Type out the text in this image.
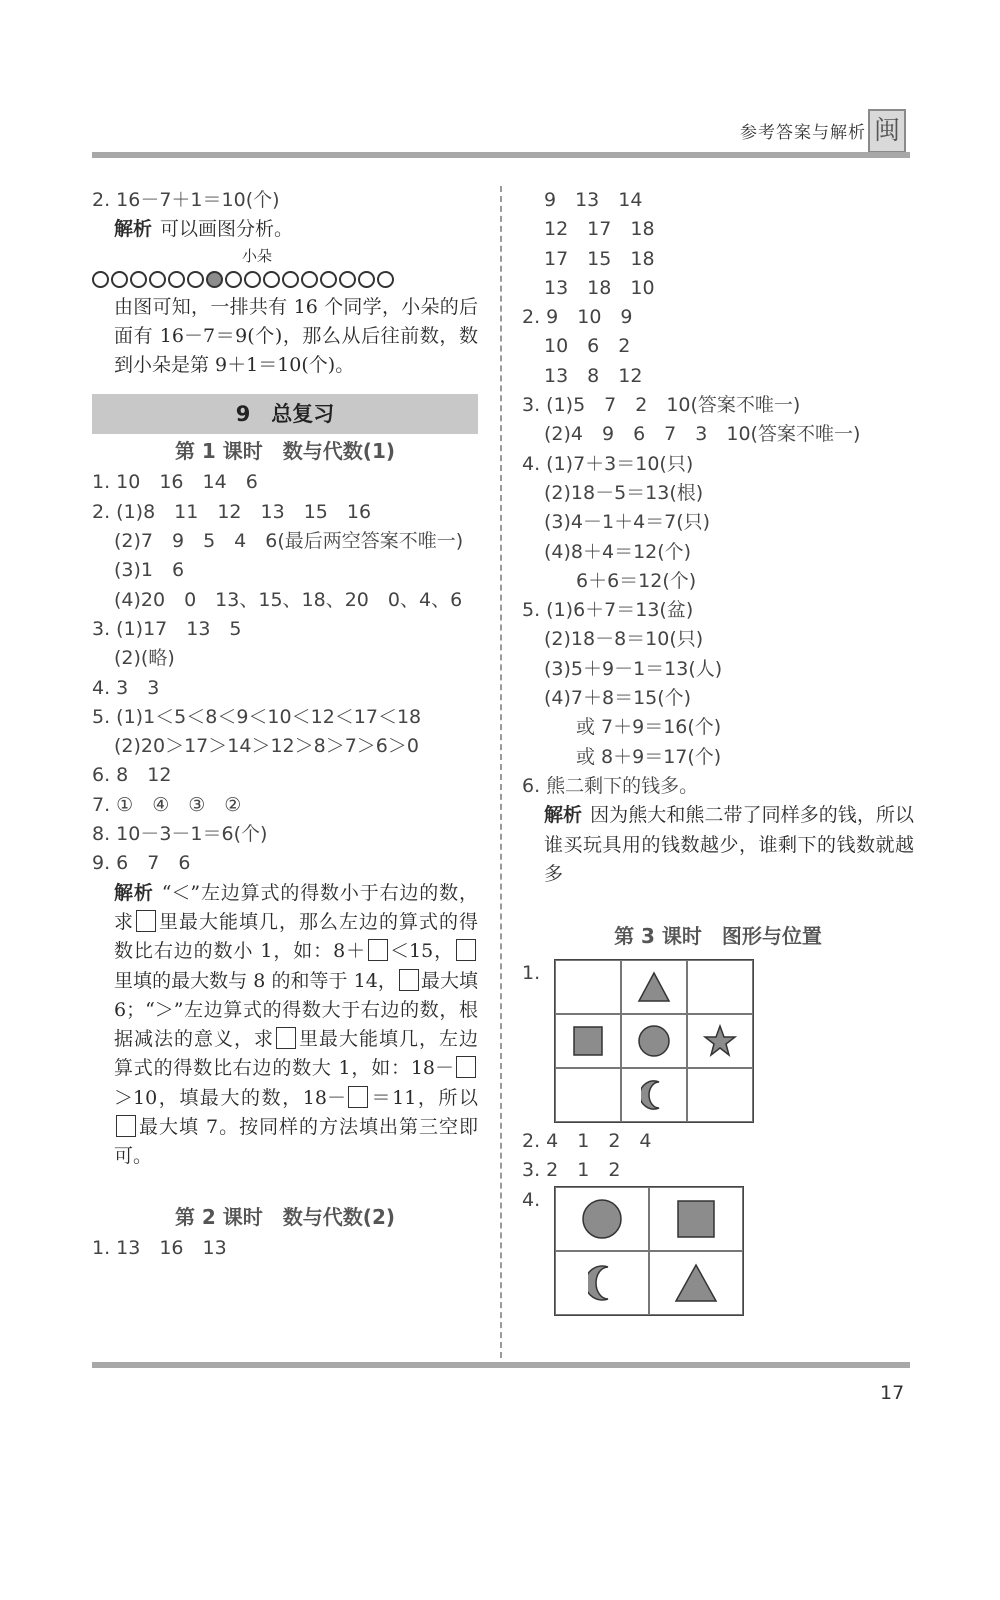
参考答案与解析 闽
2. 16－7＋1＝10(个)
解析 可以画图分析。
小朵
由图可知，一排共有 16 个同学，小朵的后面有 16－7＝9(个)，那么从后往前数，数到小朵是第 9＋1＝10(个)。
9　总复习
第 1 课时　数与代数(1)
1. 10　16　14　6
2. (1)8　11　12　13　15　16
(2)7　9　5　4　6(最后两空答案不唯一)
(3)1　6
(4)20　0　13、15、18、20　0、4、6
3. (1)17　13　5
(2)(略)
4. 3　3
5. (1)1＜5＜8＜9＜10＜12＜17＜18
(2)20＞17＞14＞12＞8＞7＞6＞0
6. 8　12
7. ①　④　③　②
8. 10－3－1＝6(个)
9. 6　7　6
解析 “＜”左边算式的得数小于右边的数，求 里最大能填几，那么左边的算式的得数比右边的数小 1，如：8＋ ＜15，里填的最大数与 8 的和等于 14， 最大填 6；“＞”左边算式的得数大于右边的数，根据减法的意义，求 里最大能填几，左边算式的得数比右边的数大 1，如：18－＞10，填最大的数，18－ ＝11，所以最大填 7。按同样的方法填出第三空即可。
第 2 课时　数与代数(2)
1. 13　16　13
9　13　14
12　17　18
17　15　18
13　18　10
2. 9　10　9
10　6　2
13　8　12
3. (1)5　7　2　10(答案不唯一)
(2)4　9　6　7　3　10(答案不唯一)
4. (1)7＋3＝10(只)
(2)18－5＝13(根)
(3)4－1＋4＝7(只)
(4)8＋4＝12(个)
6＋6＝12(个)
5. (1)6＋7＝13(盆)
(2)18－8＝10(只)
(3)5＋9－1＝13(人)
(4)7＋8＝15(个)
或 7＋9＝16(个)
或 8＋9＝17(个)
6. 熊二剩下的钱多。
解析 因为熊大和熊二带了同样多的钱，所以谁买玩具用的钱数越少，谁剩下的钱数就越多
第 3 课时　图形与位置
1.
2. 4　1　2　4
3. 2　1　2
4.
17
